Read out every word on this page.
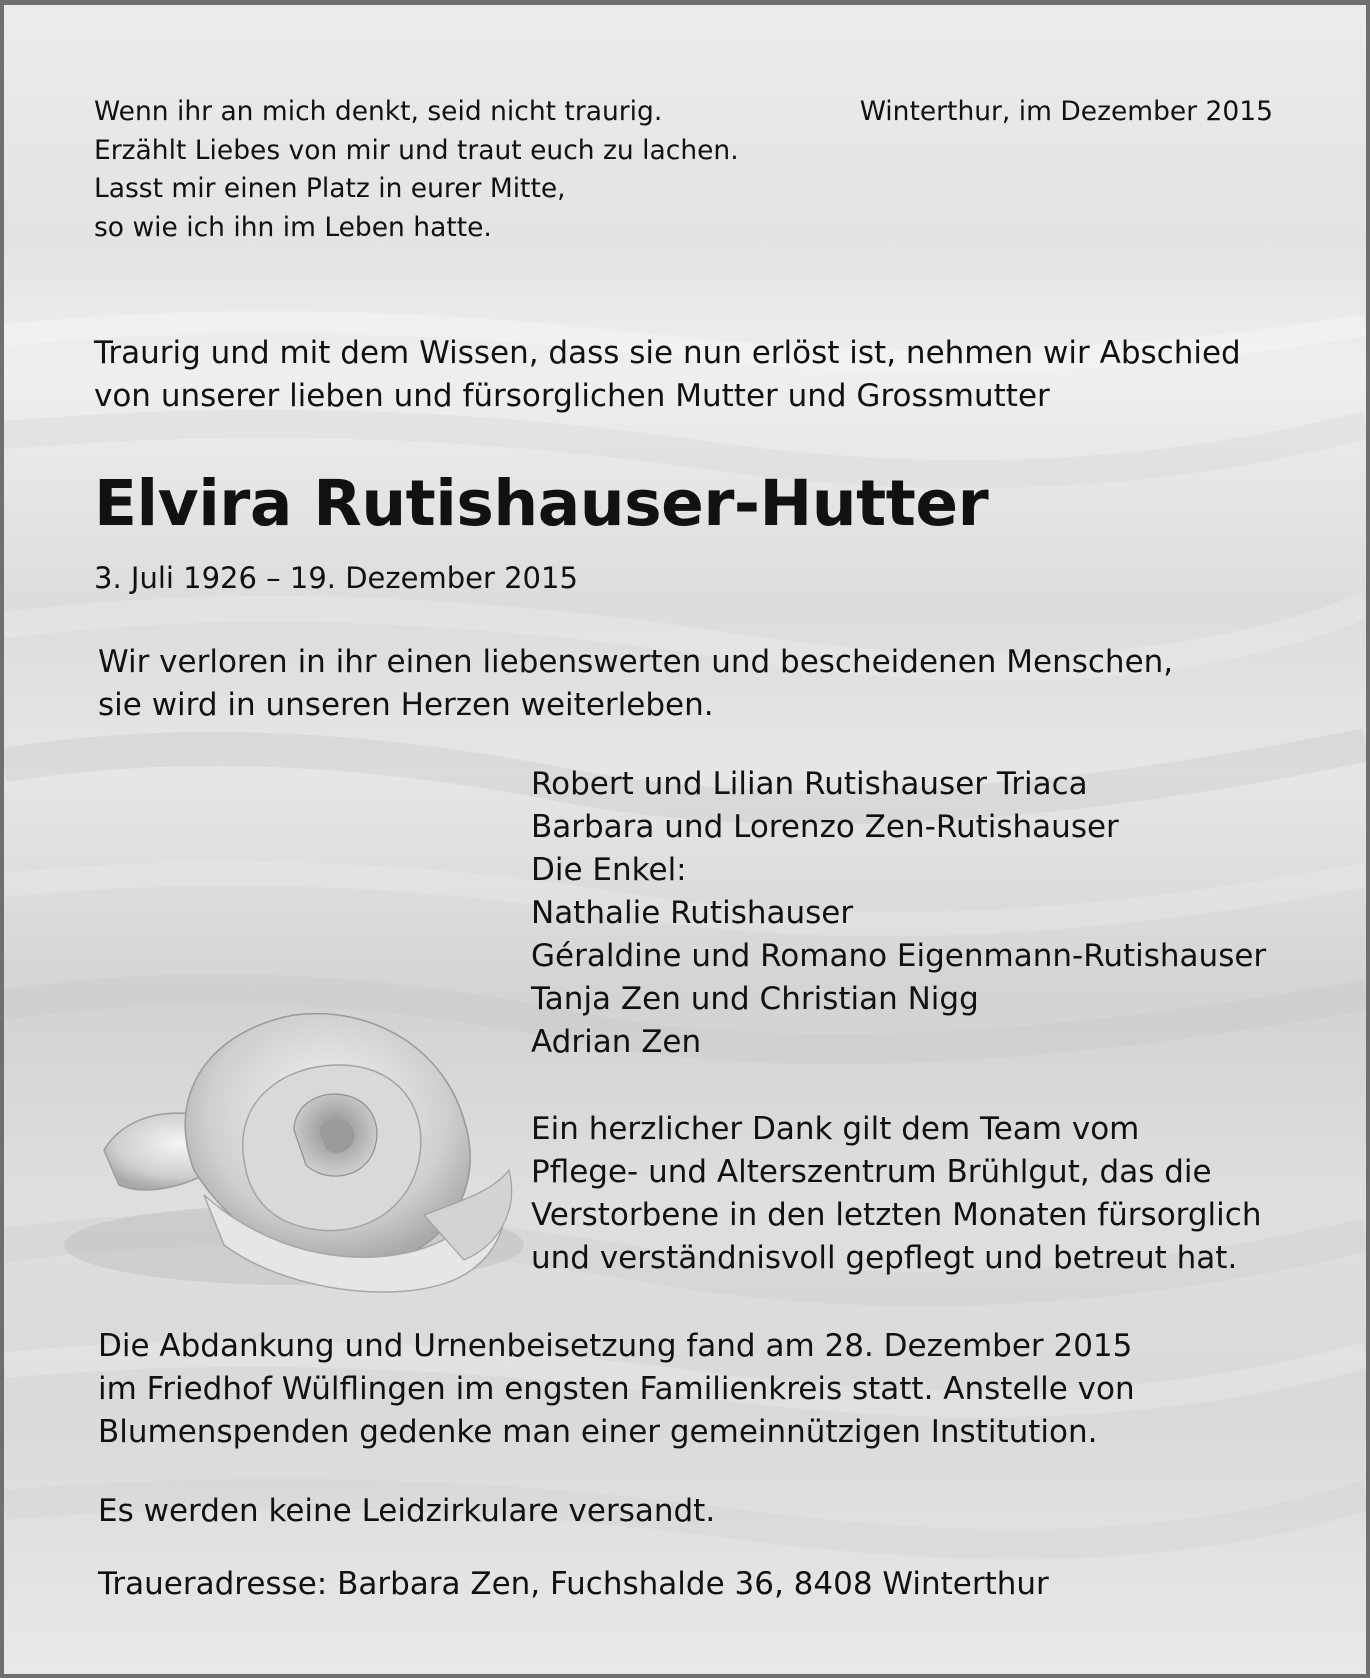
Wenn ihr an mich denkt, seid nicht traurig.
Erzählt Liebes von mir und traut euch zu lachen.
Lasst mir einen Platz in eurer Mitte,
so wie ich ihn im Leben hatte.
Winterthur, im Dezember 2015
Traurig und mit dem Wissen, dass sie nun erlöst ist, nehmen wir Abschied
von unserer lieben und fürsorglichen Mutter und Grossmutter
Elvira Rutishauser-Hutter
3. Juli 1926 – 19. Dezember 2015
Wir verloren in ihr einen liebenswerten und bescheidenen Menschen,
sie wird in unseren Herzen weiterleben.
Robert und Lilian Rutishauser Triaca
Barbara und Lorenzo Zen-Rutishauser
Die Enkel:
Nathalie Rutishauser
Géraldine und Romano Eigenmann-Rutishauser
Tanja Zen und Christian Nigg
Adrian Zen
Ein herzlicher Dank gilt dem Team vom
Pflege- und Alterszentrum Brühlgut, das die
Verstorbene in den letzten Monaten fürsorglich
und verständnisvoll gepflegt und betreut hat.
Die Abdankung und Urnenbeisetzung fand am 28. Dezember 2015
im Friedhof Wülflingen im engsten Familienkreis statt. Anstelle von
Blumenspenden gedenke man einer gemeinnützigen Institution.
Es werden keine Leidzirkulare versandt.
Traueradresse: Barbara Zen, Fuchshalde 36, 8408 Winterthur
